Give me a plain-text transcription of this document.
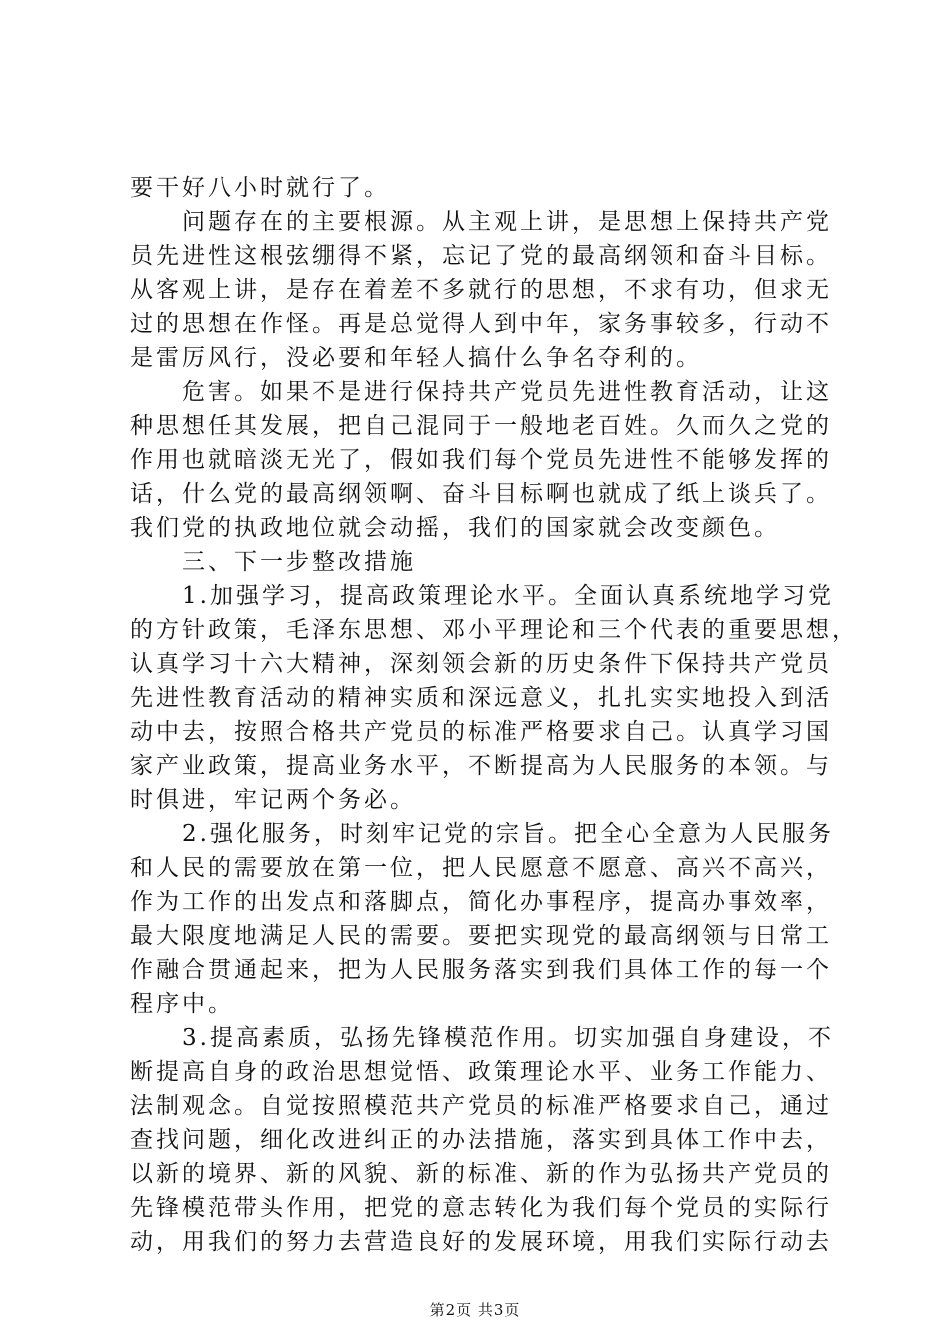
要干好八小时就行了。
　　问题存在的主要根源。从主观上讲，是思想上保持共产党
员先进性这根弦绷得不紧，忘记了党的最高纲领和奋斗目标。
从客观上讲，是存在着差不多就行的思想，不求有功，但求无
过的思想在作怪。再是总觉得人到中年，家务事较多，行动不
是雷厉风行，没必要和年轻人搞什么争名夺利的。
　　危害。如果不是进行保持共产党员先进性教育活动，让这
种思想任其发展，把自己混同于一般地老百姓。久而久之党的
作用也就暗淡无光了，假如我们每个党员先进性不能够发挥的
话，什么党的最高纲领啊、奋斗目标啊也就成了纸上谈兵了。
我们党的执政地位就会动摇，我们的国家就会改变颜色。
　　三、下一步整改措施
　　1.加强学习，提高政策理论水平。全面认真系统地学习党
的方针政策，毛泽东思想、邓小平理论和三个代表的重要思想，
认真学习十六大精神，深刻领会新的历史条件下保持共产党员
先进性教育活动的精神实质和深远意义，扎扎实实地投入到活
动中去，按照合格共产党员的标准严格要求自己。认真学习国
家产业政策，提高业务水平，不断提高为人民服务的本领。与
时俱进，牢记两个务必。
　　2.强化服务，时刻牢记党的宗旨。把全心全意为人民服务
和人民的需要放在第一位，把人民愿意不愿意、高兴不高兴，
作为工作的出发点和落脚点，简化办事程序，提高办事效率，
最大限度地满足人民的需要。要把实现党的最高纲领与日常工
作融合贯通起来，把为人民服务落实到我们具体工作的每一个
程序中。
　　3.提高素质，弘扬先锋模范作用。切实加强自身建设，不
断提高自身的政治思想觉悟、政策理论水平、业务工作能力、
法制观念。自觉按照模范共产党员的标准严格要求自己，通过
查找问题，细化改进纠正的办法措施，落实到具体工作中去，
以新的境界、新的风貌、新的标准、新的作为弘扬共产党员的
先锋模范带头作用，把党的意志转化为我们每个党员的实际行
动，用我们的努力去营造良好的发展环境，用我们实际行动去
第2页 共3页
